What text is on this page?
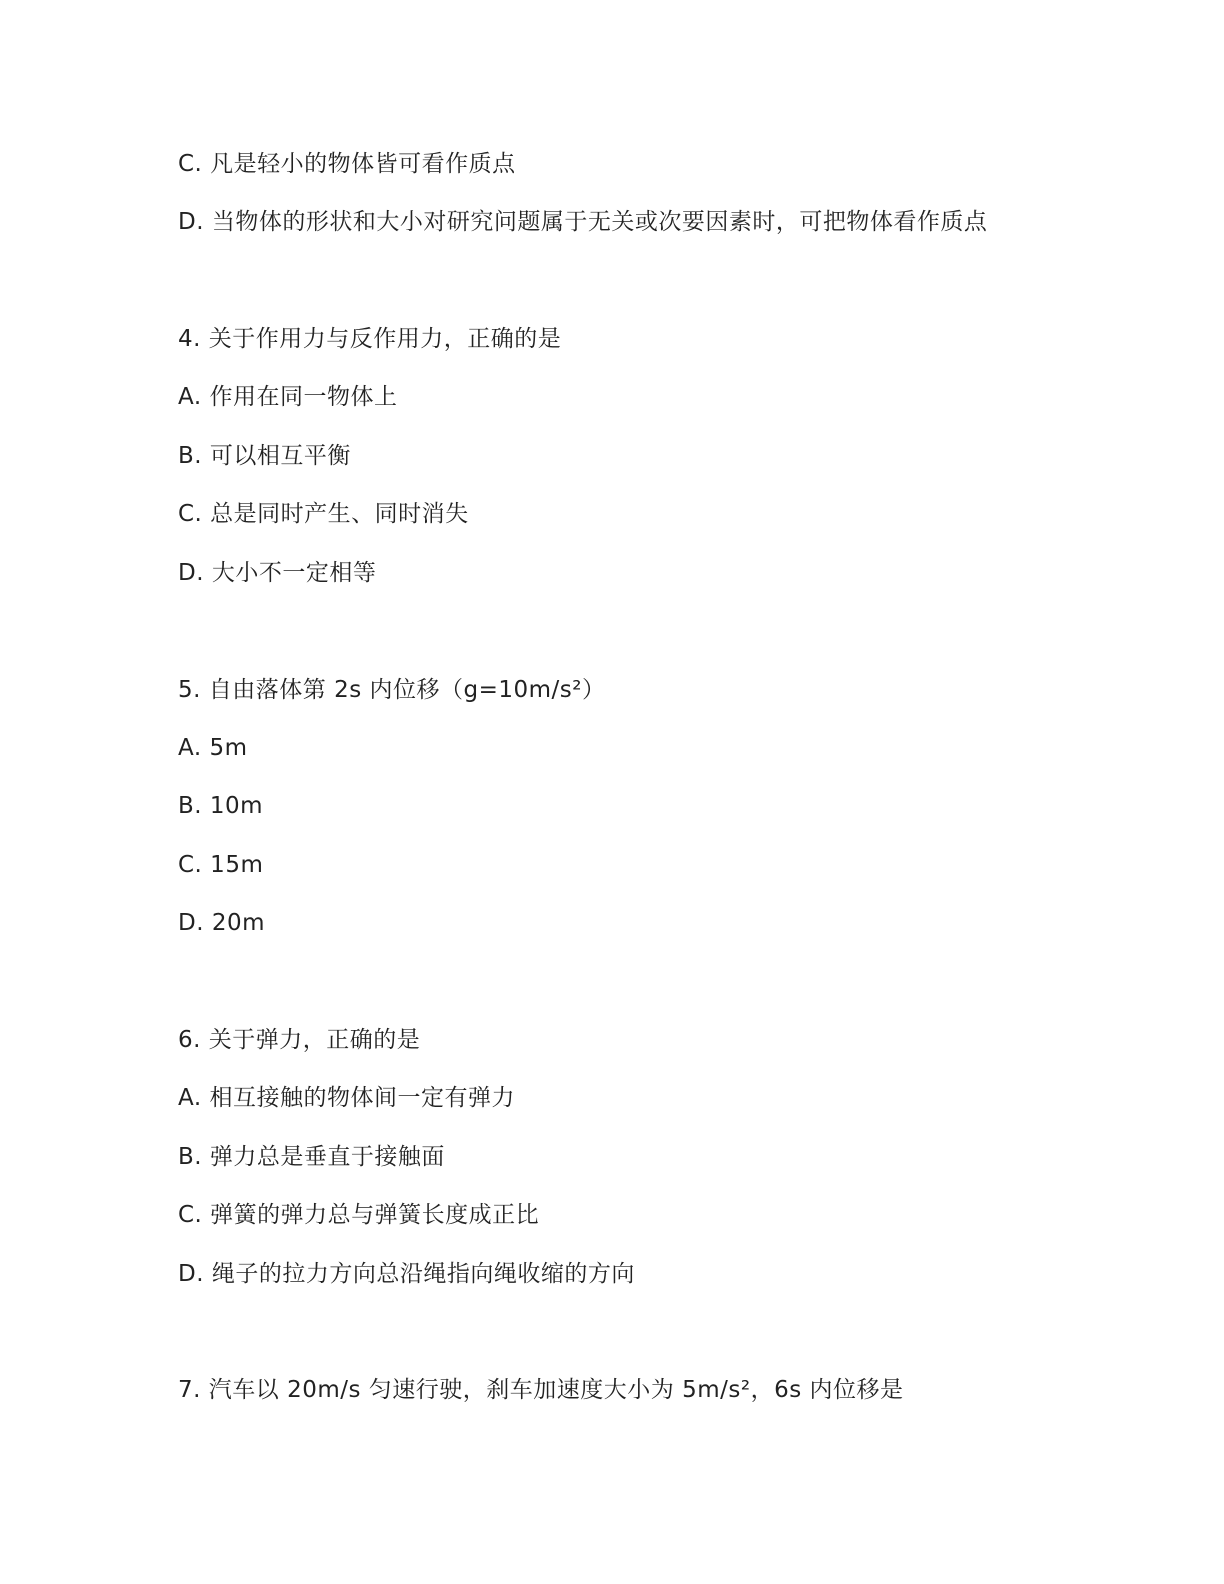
C. 凡是轻小的物体皆可看作质点
D. 当物体的形状和大小对研究问题属于无关或次要因素时，可把物体看作质点
4. 关于作用力与反作用力，正确的是
A. 作用在同一物体上
B. 可以相互平衡
C. 总是同时产生、同时消失
D. 大小不一定相等
5. 自由落体第 2s 内位移（g=10m/s²）
A. 5m
B. 10m
C. 15m
D. 20m
6. 关于弹力，正确的是
A. 相互接触的物体间一定有弹力
B. 弹力总是垂直于接触面
C. 弹簧的弹力总与弹簧长度成正比
D. 绳子的拉力方向总沿绳指向绳收缩的方向
7. 汽车以 20m/s 匀速行驶，刹车加速度大小为 5m/s²，6s 内位移是
